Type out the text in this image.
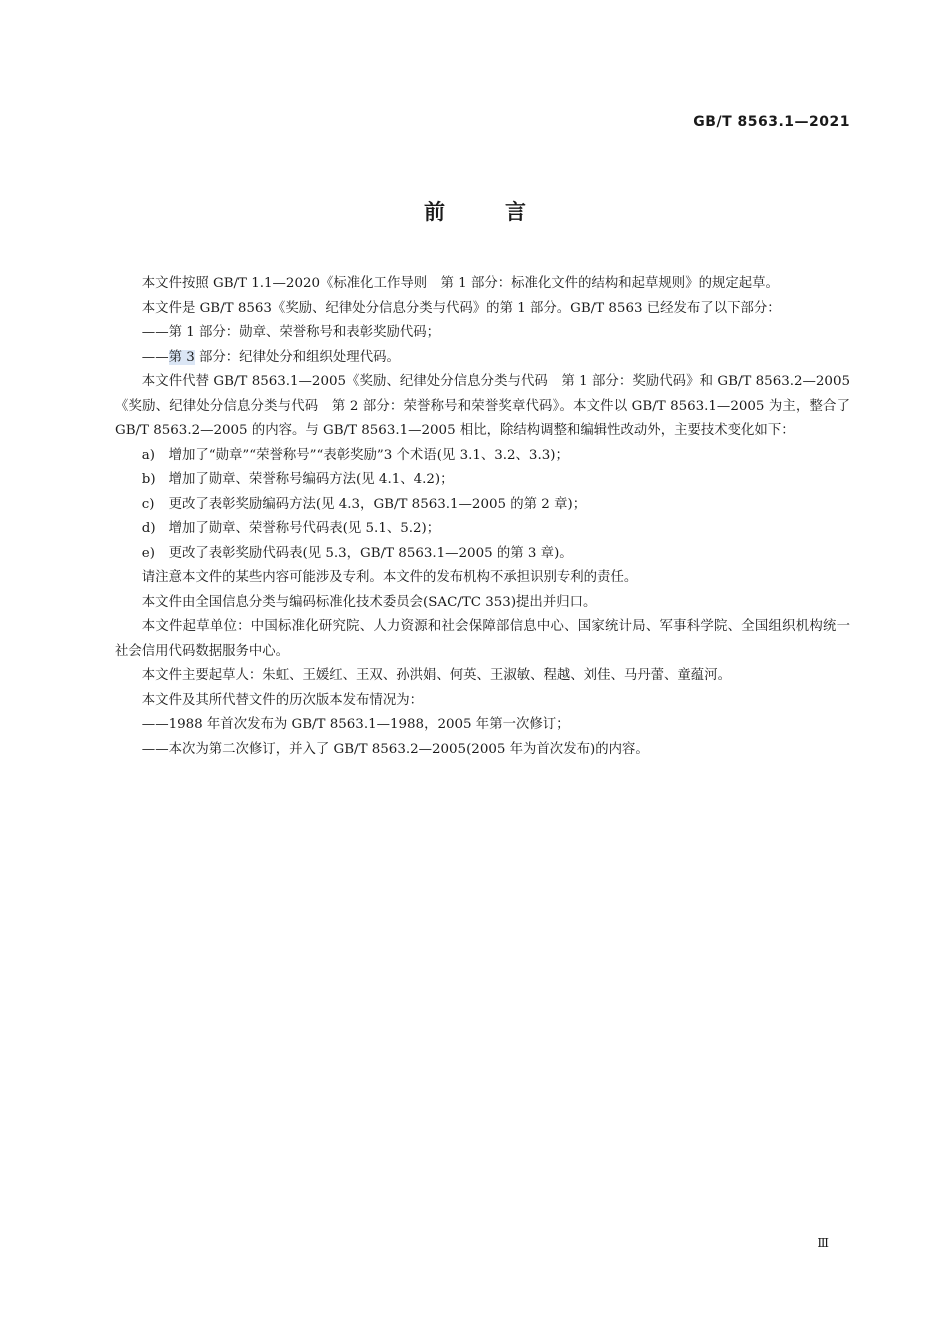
GB/T 8563.1—2021
前言

本文件按照 GB/T 1.1—2020《标准化工作导则　第 1 部分：标准化文件的结构和起草规则》的规定起草。

本文件是 GB/T 8563《奖励、纪律处分信息分类与代码》的第 1 部分。GB/T 8563 已经发布了以下部分：

——第 1 部分：勋章、荣誉称号和表彰奖励代码；

——第 3 部分：纪律处分和组织处理代码。

本文件代替 GB/T 8563.1—2005《奖励、纪律处分信息分类与代码　第 1 部分：奖励代码》和 GB/T 8563.2—2005《奖励、纪律处分信息分类与代码　第 2 部分：荣誉称号和荣誉奖章代码》。本文件以 GB/T 8563.1—2005 为主，整合了 GB/T 8563.2—2005 的内容。与 GB/T 8563.1—2005 相比，除结构调整和编辑性改动外，主要技术变化如下：

a)	增加了“勋章”“荣誉称号”“表彰奖励”3 个术语(见 3.1、3.2、3.3)；

b) 增加了勋章、荣誉称号编码方法(见 4.1、4.2)；

c)	更改了表彰奖励编码方法(见 4.3，GB/T 8563.1—2005 的第 2 章)；

d) 增加了勋章、荣誉称号代码表(见 5.1、5.2)；

e)	更改了表彰奖励代码表(见 5.3，GB/T 8563.1—2005 的第 3 章)。

请注意本文件的某些内容可能涉及专利。本文件的发布机构不承担识别专利的责任。

本文件由全国信息分类与编码标准化技术委员会(SAC/TC 353)提出并归口。

本文件起草单位：中国标准化研究院、人力资源和社会保障部信息中心、国家统计局、军事科学院、全国组织机构统一社会信用代码数据服务中心。

本文件主要起草人：朱虹、王媛红、王双、孙洪娟、何英、王淑敏、程越、刘佳、马丹蕾、童蕴河。

本文件及其所代替文件的历次版本发布情况为：

——1988 年首次发布为 GB/T 8563.1—1988，2005 年第一次修订；

——本次为第二次修订，并入了 GB/T 8563.2—2005(2005 年为首次发布)的内容。

Ⅲ
